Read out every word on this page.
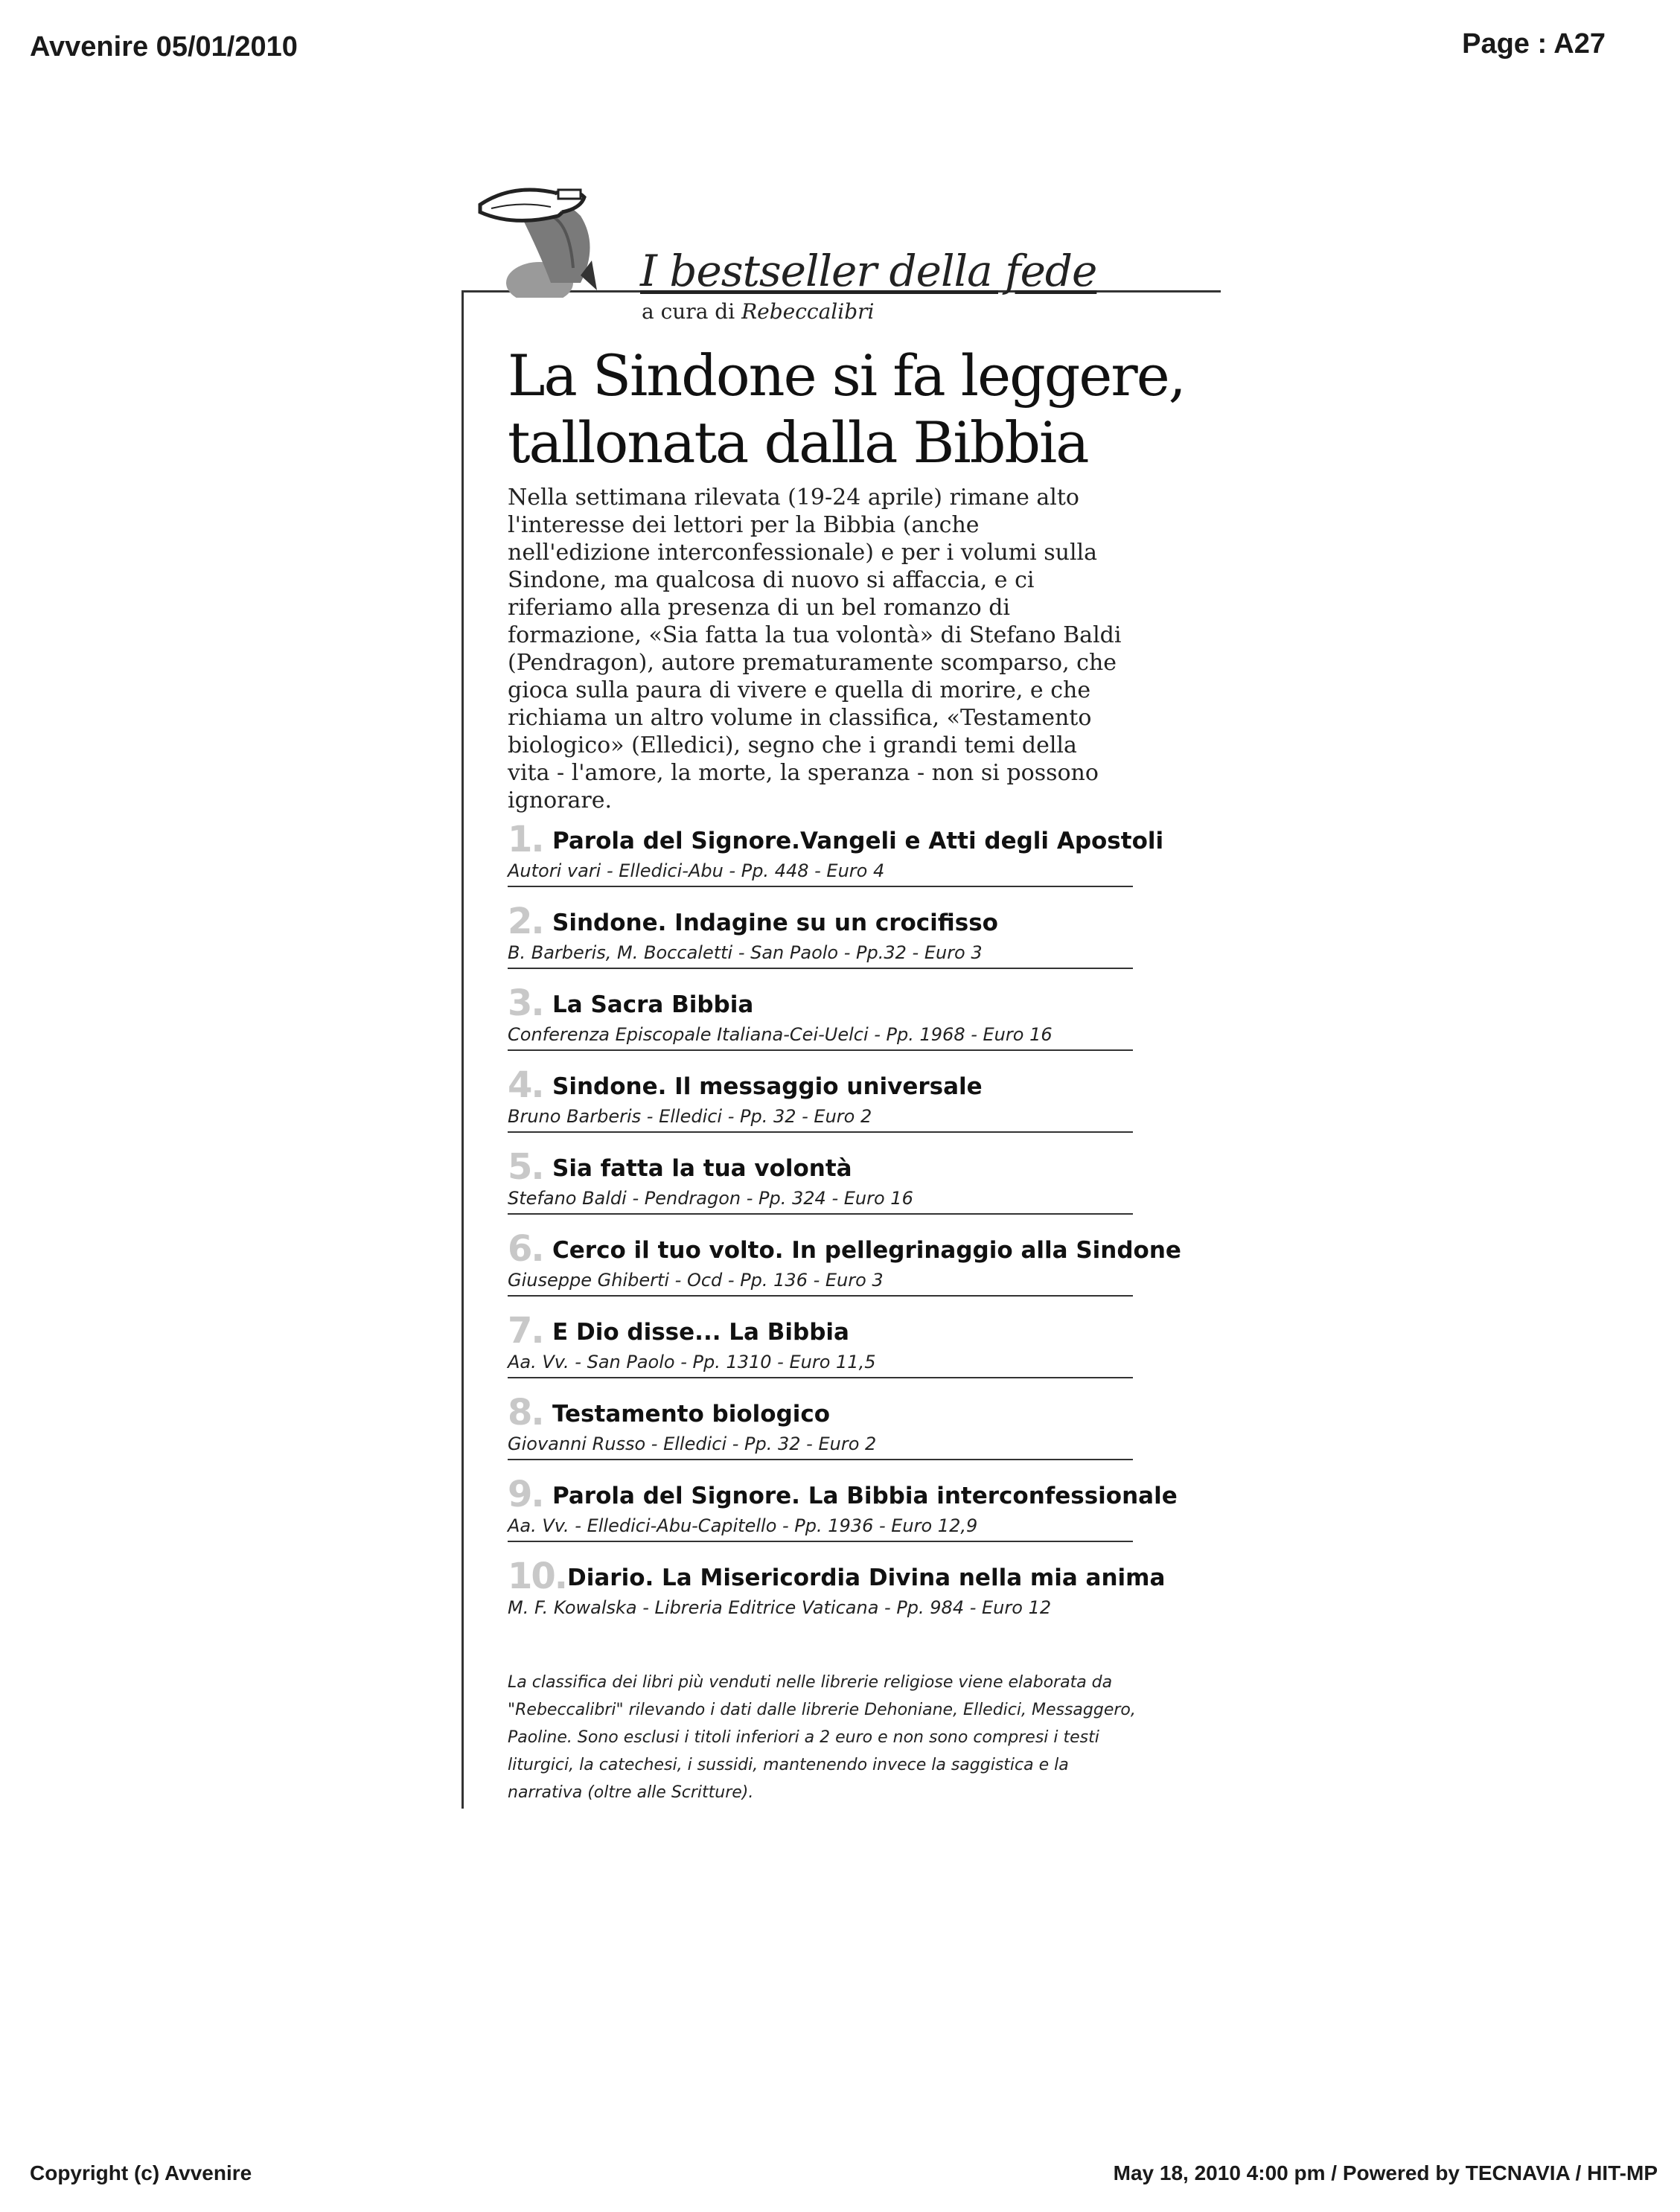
Avvenire 05/01/2010	Page : A27
I bestseller della fede
a cura di Rebeccalibri
La Sindone si fa leggere,
tallonata dalla Bibbia
Nella settimana rilevata (19-24 aprile) rimane alto l'interesse dei lettori per la Bibbia (anche nell'edizione interconfessionale) e per i volumi sulla Sindone, ma qualcosa di nuovo si affaccia, e ci riferiamo alla presenza di un bel romanzo di formazione, «Sia fatta la tua volontà» di Stefano Baldi (Pendragon), autore prematuramente scomparso, che gioca sulla paura di vivere e quella di morire, e che richiama un altro volume in classifica, «Testamento biologico» (Elledici), segno che i grandi temi della vita - l'amore, la morte, la speranza - non si possono ignorare.
1. Parola del Signore.Vangeli e Atti degli Apostoli
Autori vari - Elledici-Abu - Pp. 448 - Euro 4
2. Sindone. Indagine su un crocifisso
B. Barberis, M. Boccaletti - San Paolo - Pp.32 - Euro 3
3. La Sacra Bibbia
Conferenza Episcopale Italiana-Cei-Uelci - Pp. 1968 - Euro 16
4. Sindone. Il messaggio universale
Bruno Barberis - Elledici - Pp. 32 - Euro 2
5. Sia fatta la tua volontà
Stefano Baldi - Pendragon - Pp. 324 - Euro 16
6. Cerco il tuo volto. In pellegrinaggio alla Sindone
Giuseppe Ghiberti - Ocd - Pp. 136 - Euro 3
7. E Dio disse... La Bibbia
Aa. Vv. - San Paolo - Pp. 1310 - Euro 11,5
8. Testamento biologico
Giovanni Russo - Elledici - Pp. 32 - Euro 2
9. Parola del Signore. La Bibbia interconfessionale
Aa. Vv. - Elledici-Abu-Capitello - Pp. 1936 - Euro 12,9
10. Diario. La Misericordia Divina nella mia anima
M. F. Kowalska - Libreria Editrice Vaticana - Pp. 984 - Euro 12
La classifica dei libri più venduti nelle librerie religiose viene elaborata da "Rebeccalibri" rilevando i dati dalle librerie Dehoniane, Elledici, Messaggero, Paoline. Sono esclusi i titoli inferiori a 2 euro e non sono compresi i testi liturgici, la catechesi, i sussidi, mantenendo invece la saggistica e la narrativa (oltre alle Scritture).
Copyright (c) Avvenire	May 18, 2010 4:00 pm / Powered by TECNAVIA / HIT-MP
